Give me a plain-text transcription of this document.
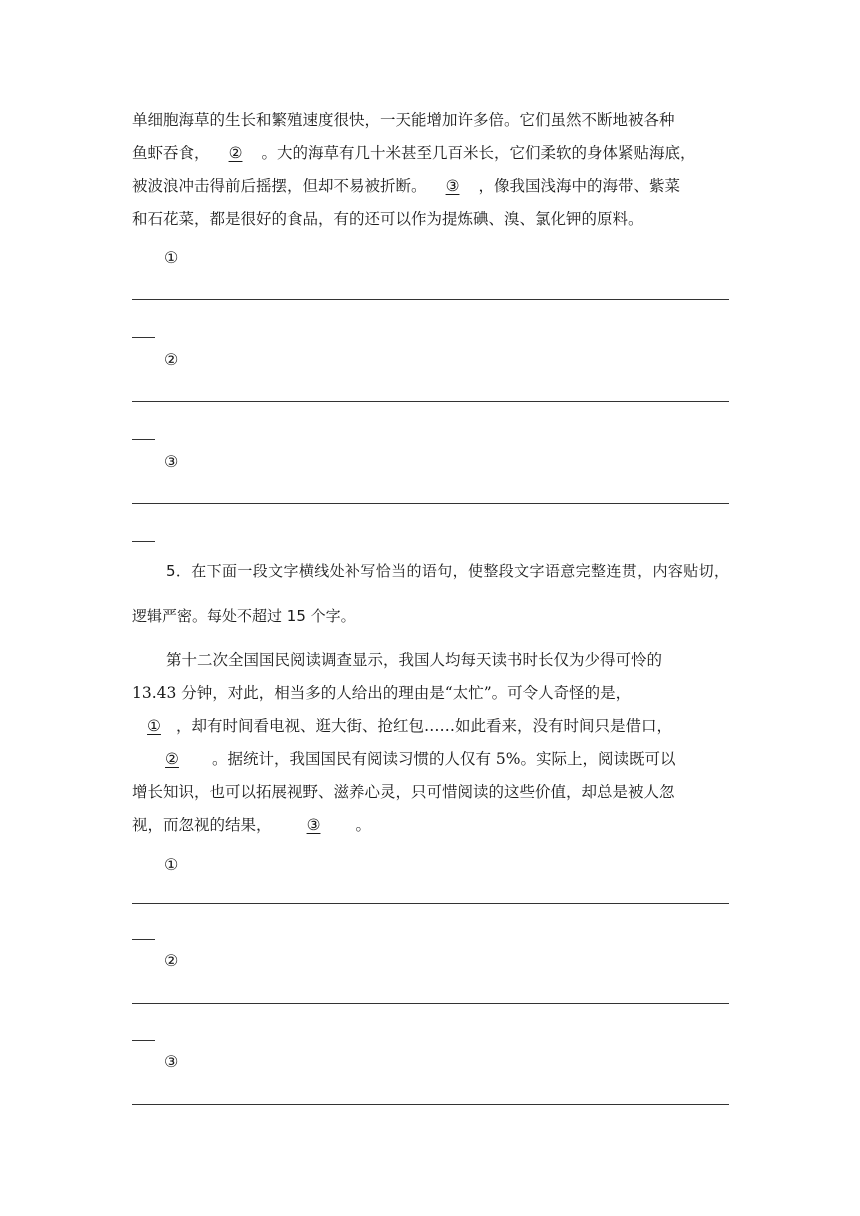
单细胞海草的生长和繁殖速度很快，一天能增加许多倍。它们虽然不断地被各种
鱼虾吞食， ② 。大的海草有几十米甚至几百米长，它们柔软的身体紧贴海底，
被波浪冲击得前后摇摆，但却不易被折断。 ③ ，像我国浅海中的海带、紫菜
和石花菜，都是很好的食品，有的还可以作为提炼碘、溴、氯化钾的原料。

①
②
③

5．在下面一段文字横线处补写恰当的语句，使整段文字语意完整连贯，内容贴切，逻辑严密。每处不超过 15 个字。

第十二次全国国民阅读调查显示，我国人均每天读书时长仅为少得可怜的
13.43 分钟，对此，相当多的人给出的理由是“太忙”。可令人奇怪的是，
① ，却有时间看电视、逛大街、抢红包……如此看来，没有时间只是借口，
② 。据统计，我国国民有阅读习惯的人仅有 5%。实际上，阅读既可以
增长知识，也可以拓展视野、滋养心灵，只可惜阅读的这些价值，却总是被人忽
视，而忽视的结果， ③ 。

①
②
③
